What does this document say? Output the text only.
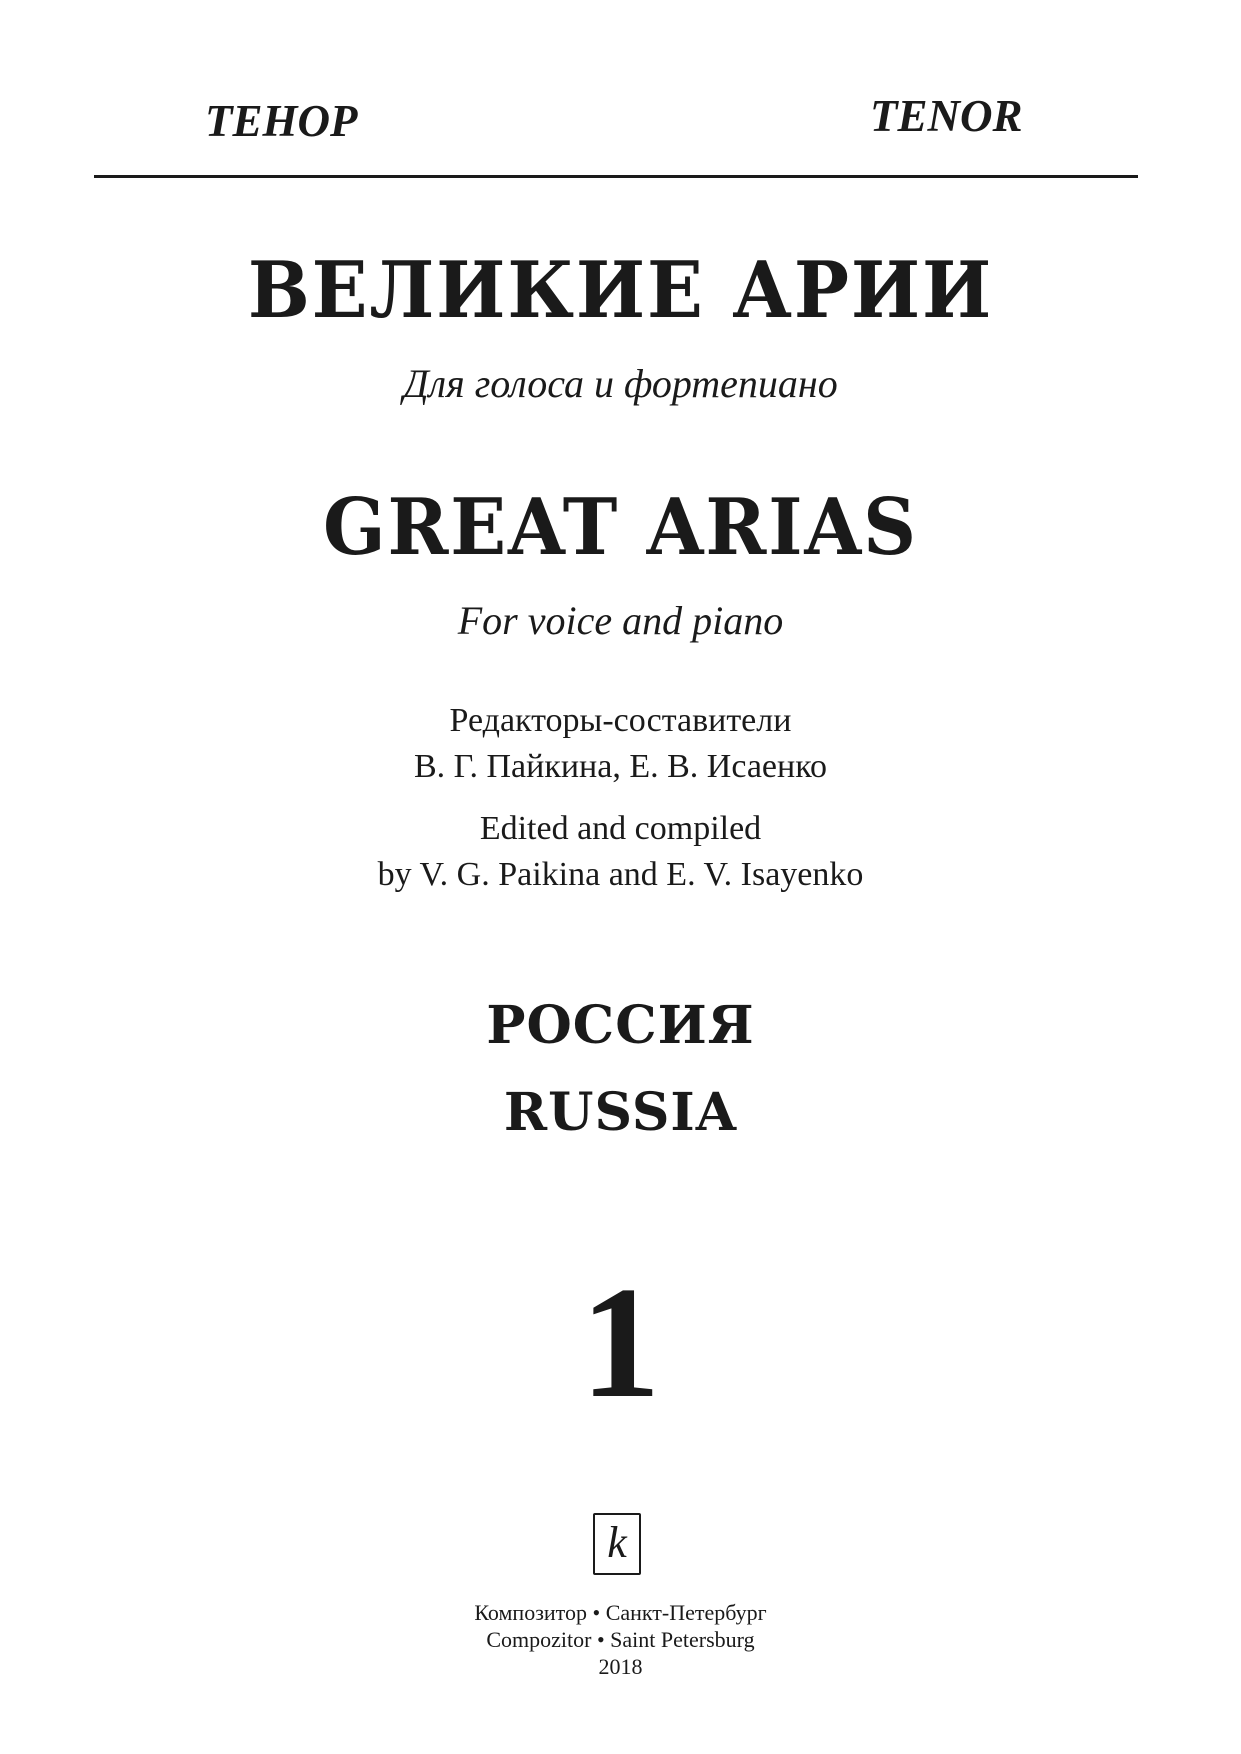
ТЕНОР	TENOR
ВЕЛИКИЕ АРИИ
Для голоса и фортепиано
GREAT ARIAS
For voice and piano
Редакторы-составители
В. Г. Пайкина, Е. В. Исаенко
Edited and compiled
by V. G. Paikina and E. V. Isayenko
РОССИЯ
RUSSIA
1
k
Композитор • Санкт-Петербург
Compozitor • Saint Petersburg
2018
